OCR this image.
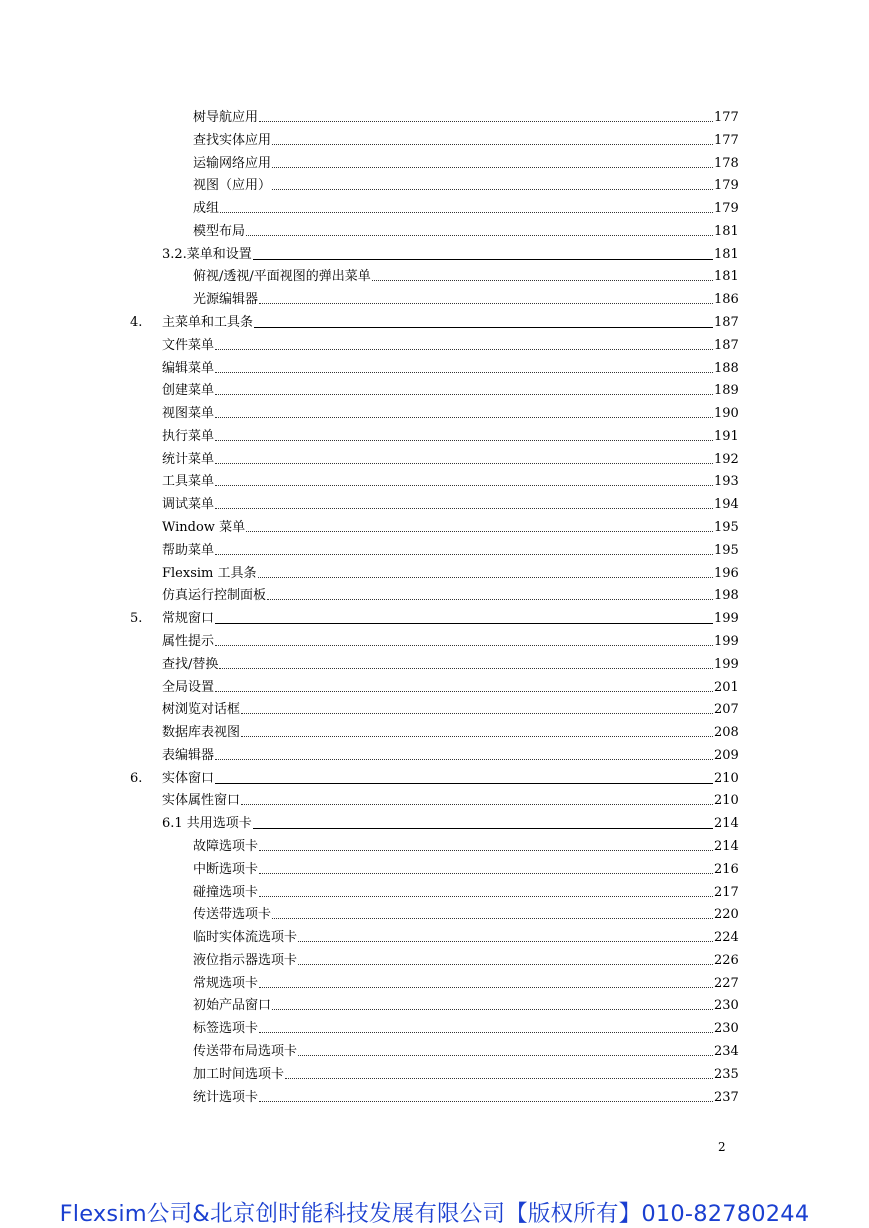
树导航应用	177
查找实体应用	177
运输网络应用	178
视图（应用）	179
成组	179
模型布局	181
3.2.菜单和设置	181
俯视/透视/平面视图的弹出菜单	181
光源编辑器	186
4.	主菜单和工具条	187
文件菜单	187
编辑菜单	188
创建菜单	189
视图菜单	190
执行菜单	191
统计菜单	192
工具菜单	193
调试菜单	194
Window 菜单	195
帮助菜单	195
Flexsim 工具条	196
仿真运行控制面板	198
5.	常规窗口	199
属性提示	199
查找/替换	199
全局设置	201
树浏览对话框	207
数据库表视图	208
表编辑器	209
6.	实体窗口	210
实体属性窗口	210
6.1 共用选项卡	214
故障选项卡	214
中断选项卡	216
碰撞选项卡	217
传送带选项卡	220
临时实体流选项卡	224
液位指示器选项卡	226
常规选项卡	227
初始产品窗口	230
标签选项卡	230
传送带布局选项卡	234
加工时间选项卡	235
统计选项卡	237
2
Flexsim公司&北京创时能科技发展有限公司【版权所有】010-82780244
